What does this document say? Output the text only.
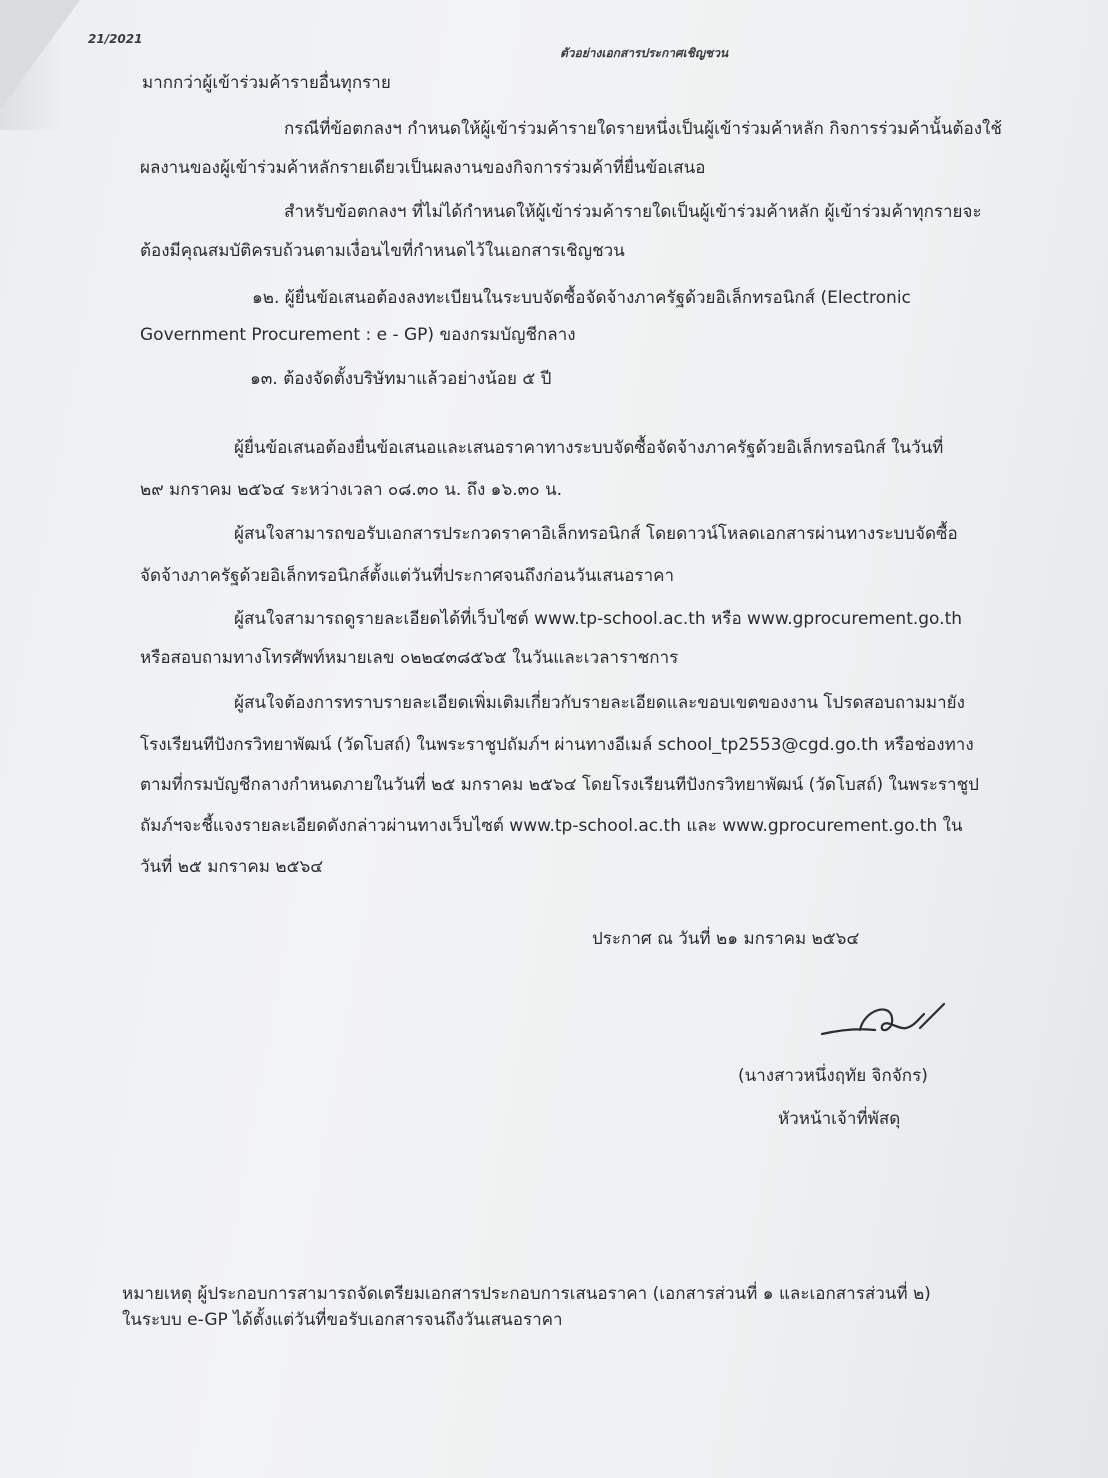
21/2021
ตัวอย่างเอกสารประกาศเชิญชวน
มากกว่าผู้เข้าร่วมค้ารายอื่นทุกราย
กรณีที่ข้อตกลงฯ กำหนดให้ผู้เข้าร่วมค้ารายใดรายหนึ่งเป็นผู้เข้าร่วมค้าหลัก กิจการร่วมค้านั้นต้องใช้
ผลงานของผู้เข้าร่วมค้าหลักรายเดียวเป็นผลงานของกิจการร่วมค้าที่ยื่นข้อเสนอ
สำหรับข้อตกลงฯ ที่ไม่ได้กำหนดให้ผู้เข้าร่วมค้ารายใดเป็นผู้เข้าร่วมค้าหลัก ผู้เข้าร่วมค้าทุกรายจะ
ต้องมีคุณสมบัติครบถ้วนตามเงื่อนไขที่กำหนดไว้ในเอกสารเชิญชวน
๑๒. ผู้ยื่นข้อเสนอต้องลงทะเบียนในระบบจัดซื้อจัดจ้างภาครัฐด้วยอิเล็กทรอนิกส์ (Electronic
Government Procurement : e - GP) ของกรมบัญชีกลาง
๑๓. ต้องจัดตั้งบริษัทมาแล้วอย่างน้อย ๕ ปี
ผู้ยื่นข้อเสนอต้องยื่นข้อเสนอและเสนอราคาทางระบบจัดซื้อจัดจ้างภาครัฐด้วยอิเล็กทรอนิกส์ ในวันที่
๒๙ มกราคม ๒๕๖๔ ระหว่างเวลา ๐๘.๓๐ น. ถึง ๑๖.๓๐ น.
ผู้สนใจสามารถขอรับเอกสารประกวดราคาอิเล็กทรอนิกส์ โดยดาวน์โหลดเอกสารผ่านทางระบบจัดซื้อ
จัดจ้างภาครัฐด้วยอิเล็กทรอนิกส์ตั้งแต่วันที่ประกาศจนถึงก่อนวันเสนอราคา
ผู้สนใจสามารถดูรายละเอียดได้ที่เว็บไซต์ www.tp-school.ac.th หรือ www.gprocurement.go.th
หรือสอบถามทางโทรศัพท์หมายเลข ๐๒๒๔๓๘๕๖๕ ในวันและเวลาราชการ
ผู้สนใจต้องการทราบรายละเอียดเพิ่มเติมเกี่ยวกับรายละเอียดและขอบเขตของงาน โปรดสอบถามมายัง
โรงเรียนทีปังกรวิทยาพัฒน์ (วัดโบสถ์) ในพระราชูปถัมภ์ฯ ผ่านทางอีเมล์ school_tp2553@cgd.go.th หรือช่องทาง
ตามที่กรมบัญชีกลางกำหนดภายในวันที่ ๒๕ มกราคม ๒๕๖๔ โดยโรงเรียนทีปังกรวิทยาพัฒน์ (วัดโบสถ์) ในพระราชูป
ถัมภ์ฯจะชี้แจงรายละเอียดดังกล่าวผ่านทางเว็บไซต์ www.tp-school.ac.th และ www.gprocurement.go.th ใน
วันที่ ๒๕ มกราคม ๒๕๖๔
ประกาศ ณ วันที่ ๒๑ มกราคม ๒๕๖๔
(นางสาวหนึ่งฤทัย จิกจักร)
หัวหน้าเจ้าที่พัสดุ
หมายเหตุ ผู้ประกอบการสามารถจัดเตรียมเอกสารประกอบการเสนอราคา (เอกสารส่วนที่ ๑ และเอกสารส่วนที่ ๒)
ในระบบ e-GP ได้ตั้งแต่วันที่ขอรับเอกสารจนถึงวันเสนอราคา
